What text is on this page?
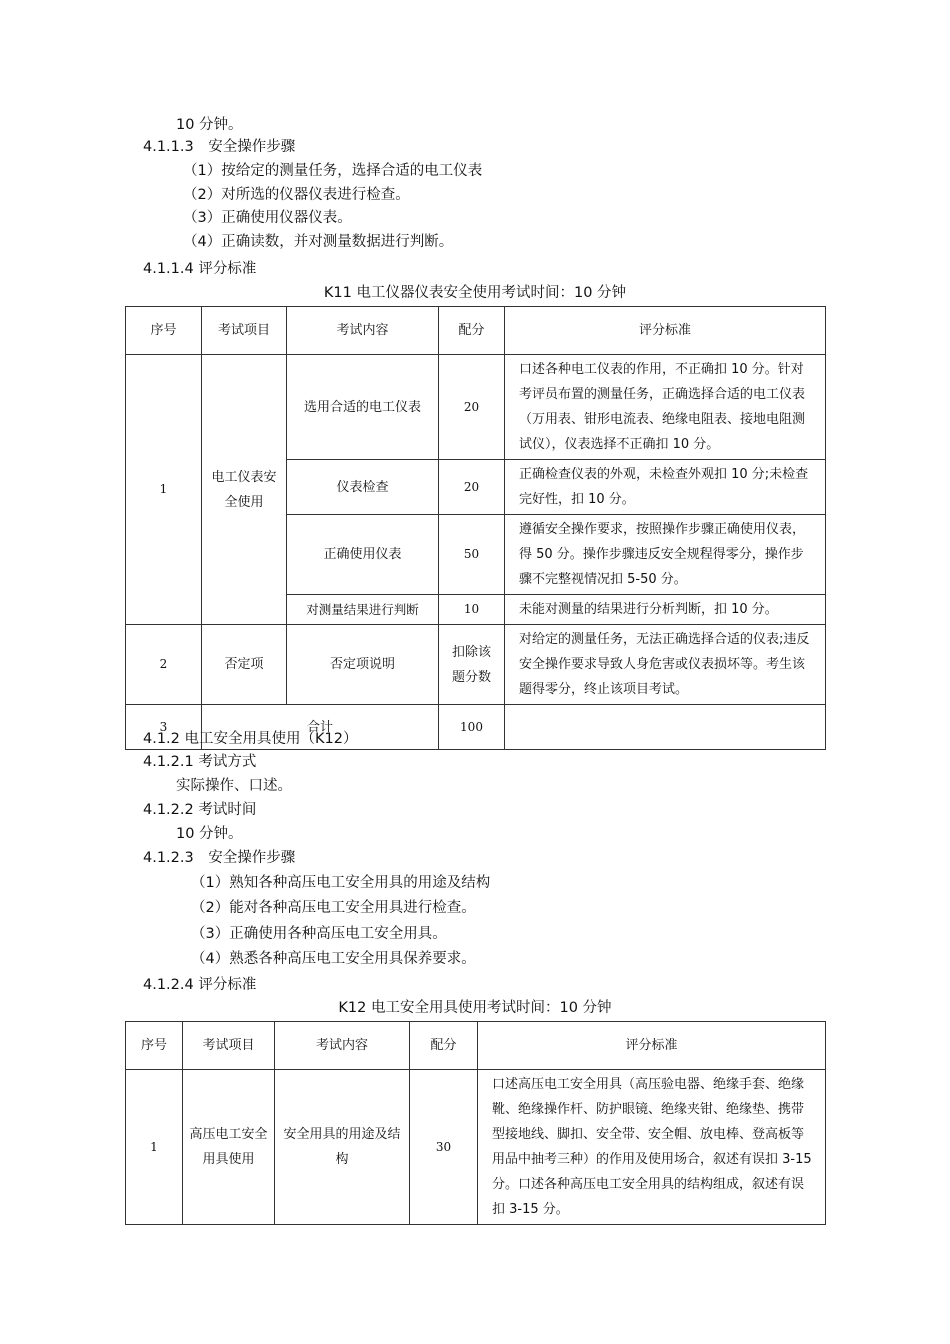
10 分钟。
4.1.1.3　安全操作步骤
（1）按给定的测量任务，选择合适的电工仪表
（2）对所选的仪器仪表进行检查。
（3）正确使用仪器仪表。
（4）正确读数，并对测量数据进行判断。
4.1.1.4 评分标准
K11 电工仪器仪表安全使用考试时间：10 分钟
序号	考试项目	考试内容	配分	评分标准
1	电工仪表安全使用	选用合适的电工仪表	20	口述各种电工仪表的作用，不正确扣 10 分。针对考评员布置的测量任务，正确选择合适的电工仪表（万用表、钳形电流表、绝缘电阻表、接地电阻测试仪），仪表选择不正确扣 10 分。
		仪表检查	20	正确检查仪表的外观，未检查外观扣 10 分;未检查完好性，扣 10 分。
		正确使用仪表	50	遵循安全操作要求，按照操作步骤正确使用仪表，得 50 分。操作步骤违反安全规程得零分，操作步骤不完整视情况扣 5-50 分。
		对测量结果进行判断	10	未能对测量的结果进行分析判断，扣 10 分。
2	否定项	否定项说明	扣除该题分数	对给定的测量任务，无法正确选择合适的仪表;违反安全操作要求导致人身危害或仪表损坏等。考生该题得零分，终止该项目考试。
3	合计		100	
4.1.2 电工安全用具使用（K12）
4.1.2.1 考试方式
实际操作、口述。
4.1.2.2 考试时间
10 分钟。
4.1.2.3　安全操作步骤
（1）熟知各种高压电工安全用具的用途及结构
（2）能对各种高压电工安全用具进行检查。
（3）正确使用各种高压电工安全用具。
（4）熟悉各种高压电工安全用具保养要求。
4.1.2.4 评分标准
K12 电工安全用具使用考试时间：10 分钟
序号	考试项目	考试内容	配分	评分标准
1	高压电工安全用具使用	安全用具的用途及结构	30	口述高压电工安全用具（高压验电器、绝缘手套、绝缘靴、绝缘操作杆、防护眼镜、绝缘夹钳、绝缘垫、携带型接地线、脚扣、安全带、安全帽、放电棒、登高板等用品中抽考三种）的作用及使用场合，叙述有误扣 3-15 分。口述各种高压电工安全用具的结构组成，叙述有误扣 3-15 分。
